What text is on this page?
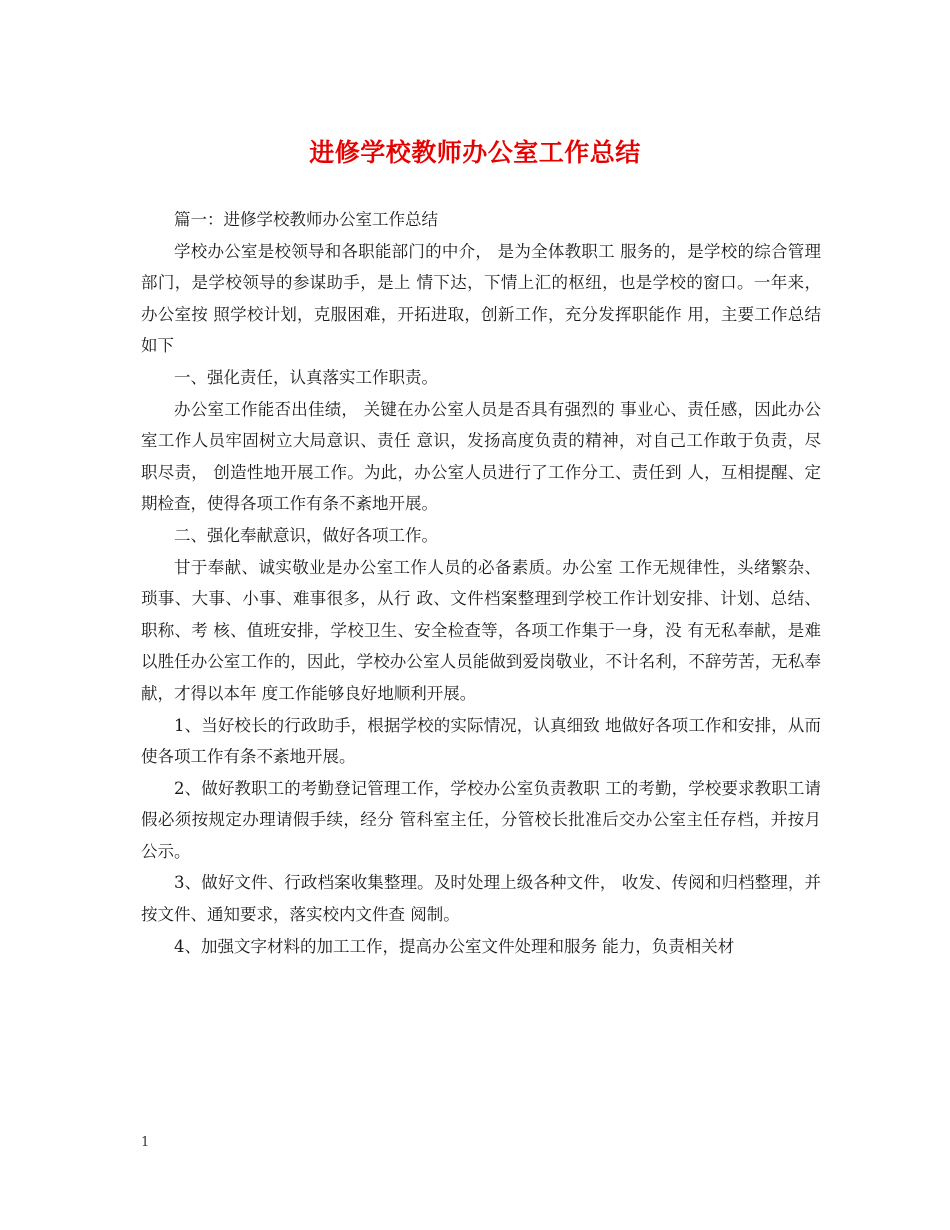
进修学校教师办公室工作总结

篇一：进修学校教师办公室工作总结

学校办公室是校领导和各职能部门的中介， 是为全体教职工 服务的，是学校的综合管理部门，是学校领导的参谋助手，是上 情下达，下情上汇的枢纽，也是学校的窗口。一年来，办公室按 照学校计划，克服困难，开拓进取，创新工作，充分发挥职能作 用，主要工作总结如下

一、强化责任，认真落实工作职责。

办公室工作能否出佳绩， 关键在办公室人员是否具有强烈的 事业心、责任感，因此办公室工作人员牢固树立大局意识、责任 意识，发扬高度负责的精神，对自己工作敢于负责，尽职尽责， 创造性地开展工作。为此，办公室人员进行了工作分工、责任到 人，互相提醒、定期检查，使得各项工作有条不紊地开展。

二、强化奉献意识，做好各项工作。

甘于奉献、诚实敬业是办公室工作人员的必备素质。办公室 工作无规律性，头绪繁杂、琐事、大事、小事、难事很多，从行 政、文件档案整理到学校工作计划安排、计划、总结、职称、考 核、值班安排，学校卫生、安全检查等，各项工作集于一身，没 有无私奉献，是难以胜任办公室工作的，因此，学校办公室人员能做到爱岗敬业，不计名利，不辞劳苦，无私奉献，才得以本年 度工作能够良好地顺利开展。

1、当好校长的行政助手，根据学校的实际情况，认真细致 地做好各项工作和安排，从而使各项工作有条不紊地开展。

2、做好教职工的考勤登记管理工作，学校办公室负责教职 工的考勤，学校要求教职工请假必须按规定办理请假手续，经分 管科室主任，分管校长批准后交办公室主任存档，并按月公示。

3、做好文件、行政档案收集整理。及时处理上级各种文件， 收发、传阅和归档整理，并按文件、通知要求，落实校内文件查 阅制。

4、加强文字材料的加工工作，提高办公室文件处理和服务 能力，负责相关材

1
